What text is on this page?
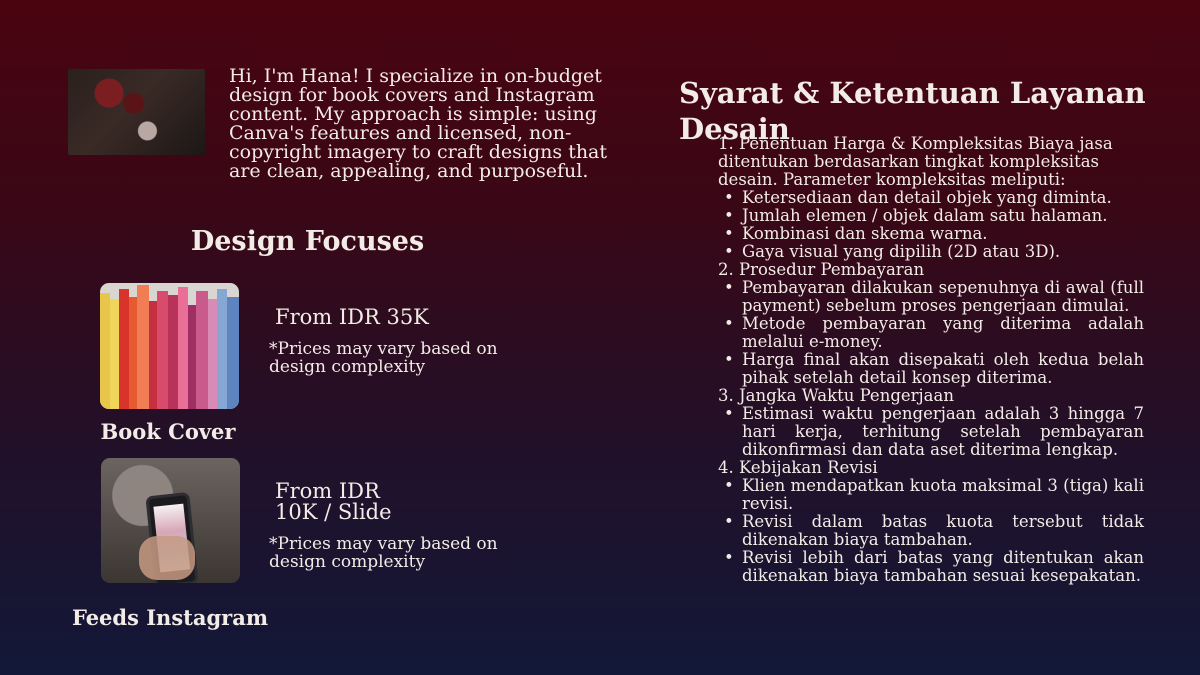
Hi, I'm Hana! I specialize in on-budget design for book covers and Instagram content. My approach is simple: using Canva's features and licensed, non-copyright imagery to craft designs that are clean, appealing, and purposeful.
Design Focuses
Book Cover
From IDR 35K
*Prices may vary based on design complexity
Feeds Instagram
From IDR
10K / Slide
*Prices may vary based on design complexity
Syarat & Ketentuan Layanan Desain
1. Penentuan Harga & Kompleksitas Biaya jasa ditentukan berdasarkan tingkat kompleksitas desain. Parameter kompleksitas meliputi:
• Ketersediaan dan detail objek yang diminta.
• Jumlah elemen / objek dalam satu halaman.
• Kombinasi dan skema warna.
• Gaya visual yang dipilih (2D atau 3D).
2. Prosedur Pembayaran
• Pembayaran dilakukan sepenuhnya di awal (full payment) sebelum proses pengerjaan dimulai.
• Metode pembayaran yang diterima adalah melalui e-money.
• Harga final akan disepakati oleh kedua belah pihak setelah detail konsep diterima.
3. Jangka Waktu Pengerjaan
• Estimasi waktu pengerjaan adalah 3 hingga 7 hari kerja, terhitung setelah pembayaran dikonfirmasi dan data aset diterima lengkap.
4. Kebijakan Revisi
• Klien mendapatkan kuota maksimal 3 (tiga) kali revisi.
• Revisi dalam batas kuota tersebut tidak dikenakan biaya tambahan.
• Revisi lebih dari batas yang ditentukan akan dikenakan biaya tambahan sesuai kesepakatan.
